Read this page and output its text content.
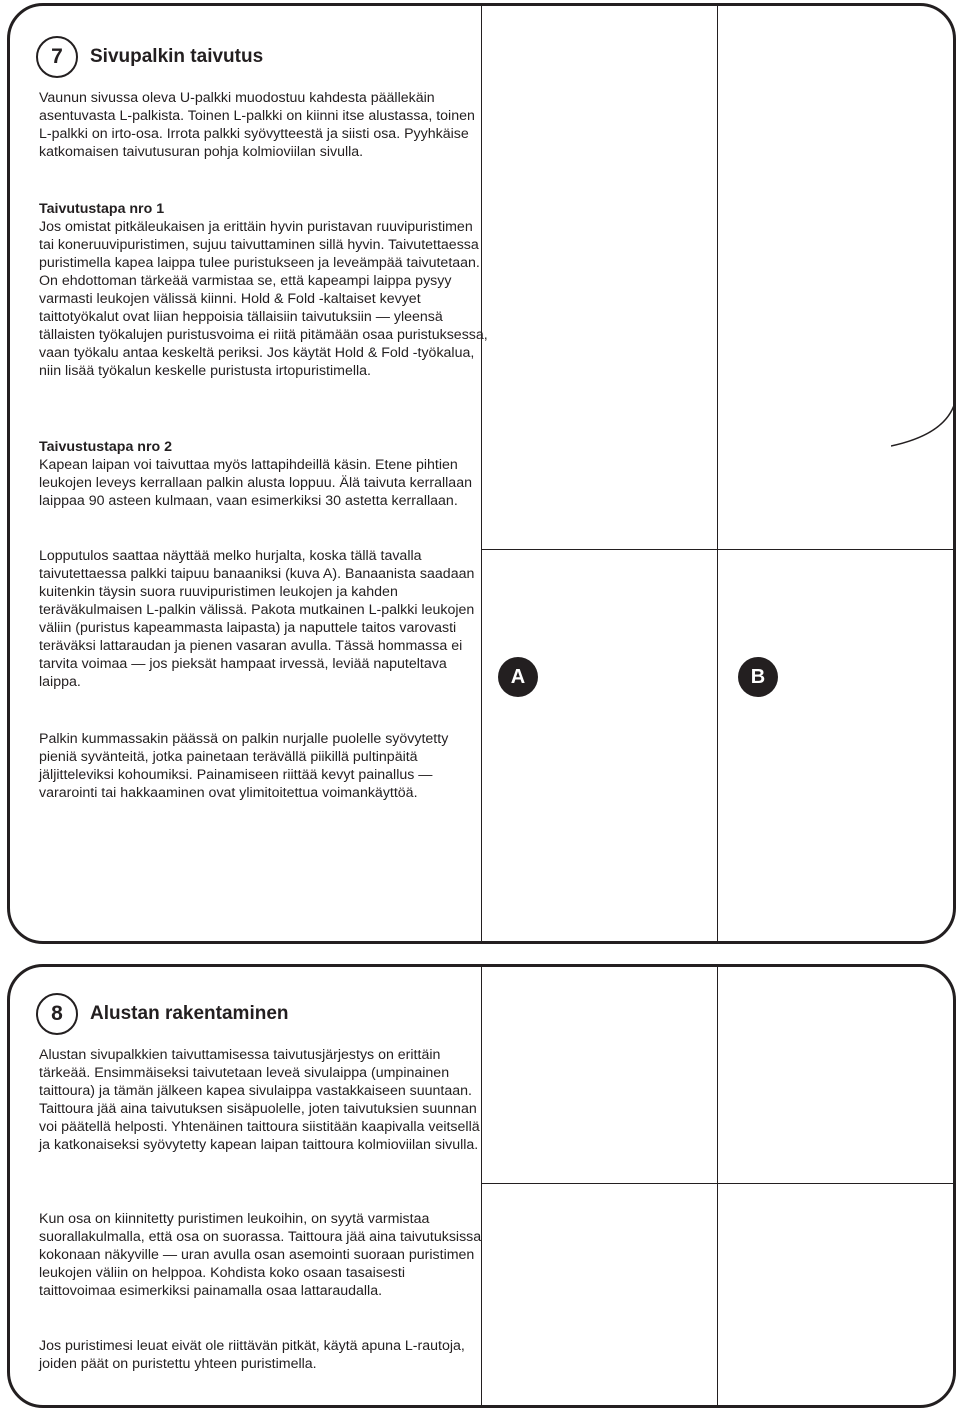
7	Sivupalkin taivutus

Vaunun sivussa oleva U-palkki muodostuu kahdesta päällekäin asentuvasta L-palkista. Toinen L-palkki on kiinni itse alustassa, toinen L-palkki on irto-osa. Irrota palkki syövytteestä ja siisti osa. Pyyhkäise katkomaisen taivutusuran pohja kolmioviilan sivulla.

Taivutustapa nro 1
Jos omistat pitkäleukaisen ja erittäin hyvin puristavan ruuvipuristimen tai koneruuvipuristimen, sujuu taivuttaminen sillä hyvin. Taivutettaessa puristimella kapea laippa tulee puristukseen ja leveämpää taivutetaan. On ehdottoman tärkeää varmistaa se, että kapeampi laippa pysyy varmasti leukojen välissä kiinni. Hold & Fold -kaltaiset kevyet taittotyökalut ovat liian heppoisia tällaisiin taivutuksiin — yleensä tällaisten työkalujen puristusvoima ei riitä pitämään osaa puristuksessa, vaan työkalu antaa keskeltä periksi. Jos käytät Hold & Fold -työkalua, niin lisää työkalun keskelle puristusta irtopuristimella.
Taivustustapa nro 2
Kapean laipan voi taivuttaa myös lattapihdeillä käsin. Etene pihtien leukojen leveys kerrallaan palkin alusta loppuu. Älä taivuta kerrallaan laippaa 90 asteen kulmaan, vaan esimerkiksi 30 astetta kerrallaan.

Lopputulos saattaa näyttää melko hurjalta, koska tällä tavalla taivutettaessa palkki taipuu banaaniksi (kuva A). Banaanista saadaan kuitenkin täysin suora ruuvipuristimen leukojen ja kahden teräväkulmaisen L-palkin välissä. Pakota mutkainen L-palkki leukojen väliin (puristus kapeammasta laipasta) ja naputtele taitos varovasti teräväksi lattaraudan ja pienen vasaran avulla. Tässä hommassa ei tarvita voimaa — jos pieksät hampaat irvessä, leviää naputeltava laippa.

Palkin kummassakin päässä on palkin nurjalle puolelle syövytetty pieniä syvänteitä, jotka painetaan terävällä piikillä pultinpäitä jäljitteleviksi kohoumiksi. Painamiseen riittää kevyt painallus — vararointi tai hakkaaminen ovat ylimitoitettua voimankäyttöä.

A	B
8	Alustan rakentaminen

Alustan sivupalkkien taivuttamisessa taivutusjärjestys on erittäin tärkeää. Ensimmäiseksi taivutetaan leveä sivulaippa (umpinainen taittoura) ja tämän jälkeen kapea sivulaippa vastakkaiseen suuntaan. Taittoura jää aina taivutuksen sisäpuolelle, joten taivutuksien suunnan voi päätellä helposti. Yhtenäinen taittoura siistitään kaapivalla veitsellä ja katkonaiseksi syövytetty kapean laipan taittoura kolmioviilan sivulla.

Kun osa on kiinnitetty puristimen leukoihin, on syytä varmistaa suorallakulmalla, että osa on suorassa. Taittoura jää aina taivutuksissa kokonaan näkyville — uran avulla osan asemointi suoraan puristimen leukojen väliin on helppoa. Kohdista koko osaan tasaisesti taittovoimaa esimerkiksi painamalla osaa lattaraudalla.

Jos puristimesi leuat eivät ole riittävän pitkät, käytä apuna L-rautoja, joiden päät on puristettu yhteen puristimella.
